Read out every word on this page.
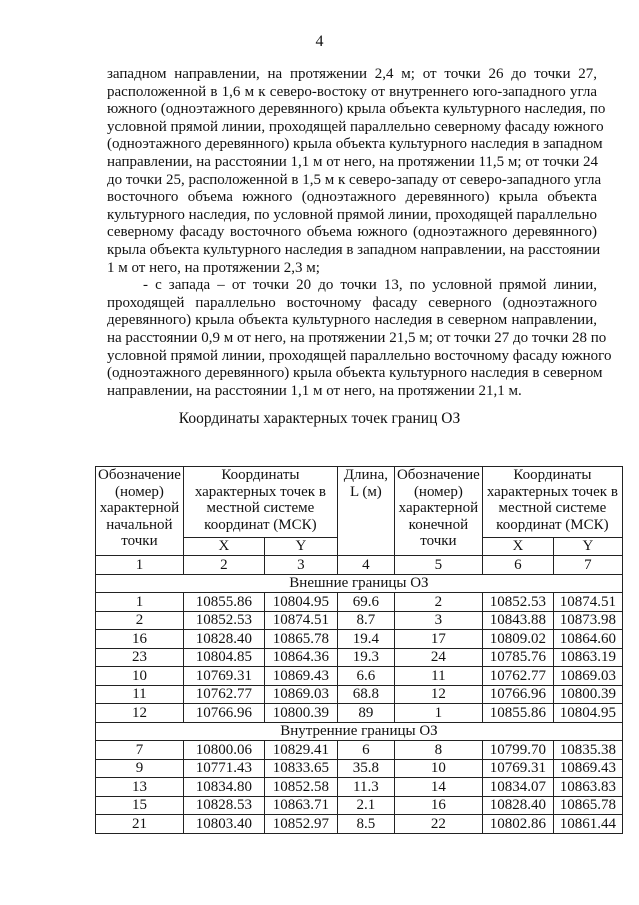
4
западном направлении, на протяжении 2,4 м; от точки 26 до точки 27,
расположенной в 1,6 м к северо-востоку от внутреннего юго-западного угла
южного (одноэтажного деревянного) крыла объекта культурного наследия, по
условной прямой линии, проходящей параллельно северному фасаду южного
(одноэтажного деревянного) крыла объекта культурного наследия в западном
направлении, на расстоянии 1,1 м от него, на протяжении 11,5 м; от точки 24
до точки 25, расположенной в 1,5 м к северо-западу от северо-западного угла
восточного объема южного (одноэтажного деревянного) крыла объекта
культурного наследия, по условной прямой линии, проходящей параллельно
северному фасаду восточного объема южного (одноэтажного деревянного)
крыла объекта культурного наследия в западном направлении, на расстоянии
1 м от него, на протяжении 2,3 м;
- с запада – от точки 20 до точки 13, по условной прямой линии,
проходящей параллельно восточному фасаду северного (одноэтажного
деревянного) крыла объекта культурного наследия в северном направлении,
на расстоянии 0,9 м от него, на протяжении 21,5 м; от точки 27 до точки 28 по
условной прямой линии, проходящей параллельно восточному фасаду южного
(одноэтажного деревянного) крыла объекта культурного наследия в северном
направлении, на расстоянии 1,1 м от него, на протяжении 21,1 м.
Координаты характерных точек границ ОЗ
Обозначение (номер) характерной начальной точки	Координаты характерных точек в местной системе координат (МСК)		Длина, L (м)	Обозначение (номер) характерной конечной точки	Координаты характерных точек в местной системе координат (МСК)	
	X	Y			X	Y
1	2	3	4	5	6	7
Внешние границы ОЗ						
1	10855.86	10804.95	69.6	2	10852.53	10874.51
2	10852.53	10874.51	8.7	3	10843.88	10873.98
16	10828.40	10865.78	19.4	17	10809.02	10864.60
23	10804.85	10864.36	19.3	24	10785.76	10863.19
10	10769.31	10869.43	6.6	11	10762.77	10869.03
11	10762.77	10869.03	68.8	12	10766.96	10800.39
12	10766.96	10800.39	89	1	10855.86	10804.95
Внутренние границы ОЗ						
7	10800.06	10829.41	6	8	10799.70	10835.38
9	10771.43	10833.65	35.8	10	10769.31	10869.43
13	10834.80	10852.58	11.3	14	10834.07	10863.83
15	10828.53	10863.71	2.1	16	10828.40	10865.78
21	10803.40	10852.97	8.5	22	10802.86	10861.44
